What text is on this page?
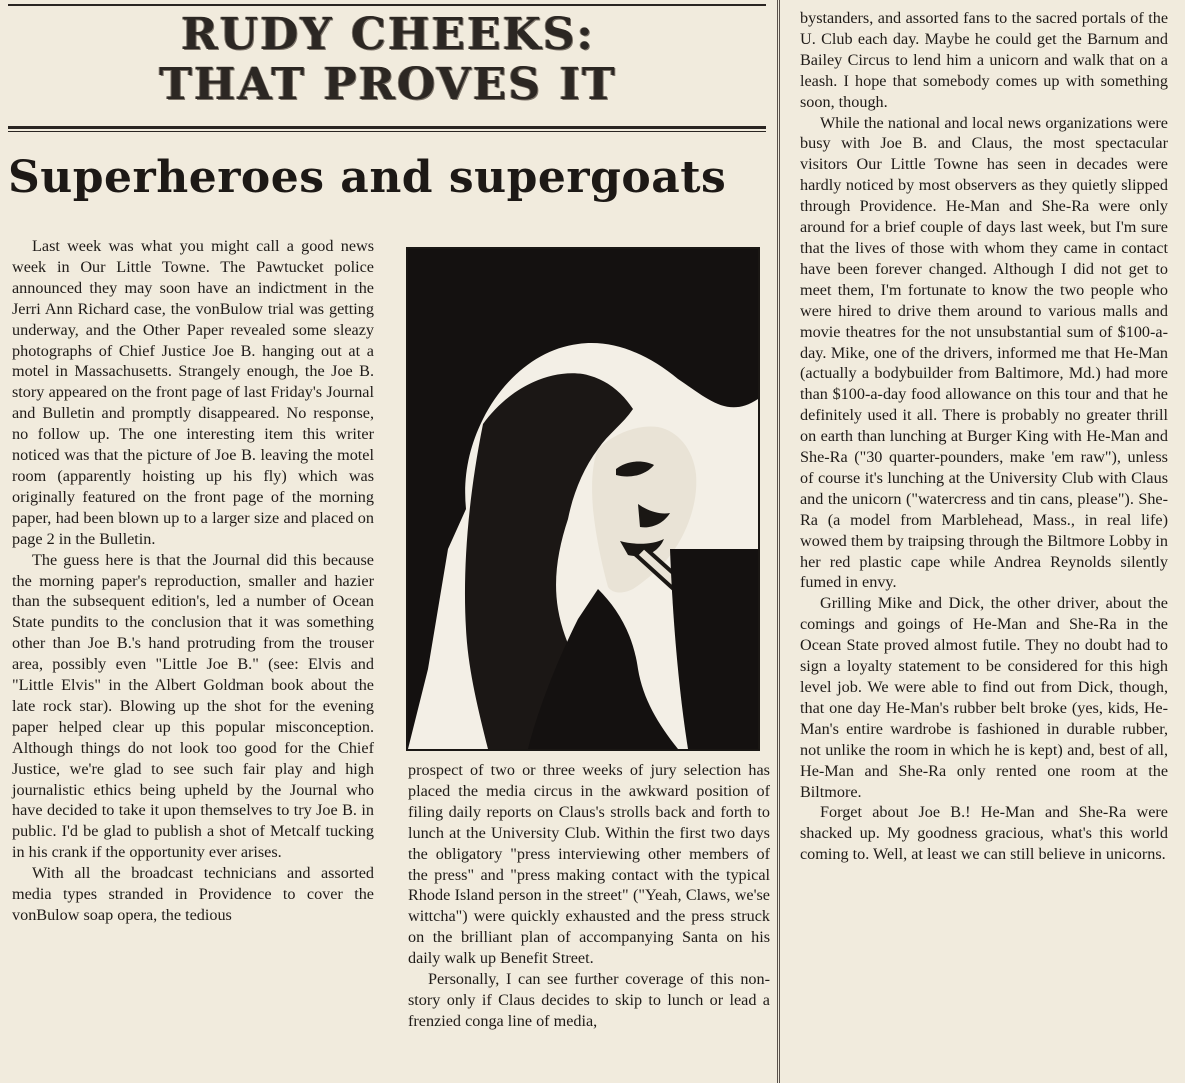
RUDY CHEEKS:
THAT PROVES IT
Superheroes and supergoats

Last week was what you might call a good news week in Our Little Towne. The Pawtucket police announced they may soon have an indictment in the Jerri Ann Richard case, the vonBulow trial was getting underway, and the Other Paper revealed some sleazy photographs of Chief Justice Joe B. hanging out at a motel in Massachusetts. Strangely enough, the Joe B. story appeared on the front page of last Friday's Journal and Bulletin and promptly disappeared. No response, no follow up. The one interesting item this writer noticed was that the picture of Joe B. leaving the motel room (apparently hoisting up his fly) which was originally featured on the front page of the morning paper, had been blown up to a larger size and placed on page 2 in the Bulletin.

The guess here is that the Journal did this because the morning paper's reproduction, smaller and hazier than the subsequent edition's, led a number of Ocean State pundits to the conclusion that it was something other than Joe B.'s hand protruding from the trouser area, possibly even "Little Joe B." (see: Elvis and "Little Elvis" in the Albert Goldman book about the late rock star). Blowing up the shot for the evening paper helped clear up this popular misconception. Although things do not look too good for the Chief Justice, we're glad to see such fair play and high journalistic ethics being upheld by the Journal who have decided to take it upon themselves to try Joe B. in public. I'd be glad to publish a shot of Metcalf tucking in his crank if the opportunity ever arises.

With all the broadcast technicians and assorted media types stranded in Providence to cover the vonBulow soap opera, the tedious

prospect of two or three weeks of jury selection has placed the media circus in the awkward position of filing daily reports on Claus's strolls back and forth to lunch at the University Club. Within the first two days the obligatory "press interviewing other members of the press" and "press making contact with the typical Rhode Island person in the street" ("Yeah, Claws, we'se wittcha") were quickly exhausted and the press struck on the brilliant plan of accompanying Santa on his daily walk up Benefit Street.

Personally, I can see further coverage of this non-story only if Claus decides to skip to lunch or lead a frenzied conga line of media,

bystanders, and assorted fans to the sacred portals of the U. Club each day. Maybe he could get the Barnum and Bailey Circus to lend him a unicorn and walk that on a leash. I hope that somebody comes up with something soon, though.

While the national and local news organizations were busy with Joe B. and Claus, the most spectacular visitors Our Little Towne has seen in decades were hardly noticed by most observers as they quietly slipped through Providence. He-Man and She-Ra were only around for a brief couple of days last week, but I'm sure that the lives of those with whom they came in contact have been forever changed. Although I did not get to meet them, I'm fortunate to know the two people who were hired to drive them around to various malls and movie theatres for the not unsubstantial sum of $100-a-day. Mike, one of the drivers, informed me that He-Man (actually a bodybuilder from Baltimore, Md.) had more than $100-a-day food allowance on this tour and that he definitely used it all. There is probably no greater thrill on earth than lunching at Burger King with He-Man and She-Ra ("30 quarter-pounders, make 'em raw"), unless of course it's lunching at the University Club with Claus and the unicorn ("watercress and tin cans, please"). She-Ra (a model from Marblehead, Mass., in real life) wowed them by traipsing through the Biltmore Lobby in her red plastic cape while Andrea Reynolds silently fumed in envy.

Grilling Mike and Dick, the other driver, about the comings and goings of He-Man and She-Ra in the Ocean State proved almost futile. They no doubt had to sign a loyalty statement to be considered for this high level job. We were able to find out from Dick, though, that one day He-Man's rubber belt broke (yes, kids, He-Man's entire wardrobe is fashioned in durable rubber, not unlike the room in which he is kept) and, best of all, He-Man and She-Ra only rented one room at the Biltmore.

Forget about Joe B.! He-Man and She-Ra were shacked up. My goodness gracious, what's this world coming to. Well, at least we can still believe in unicorns.
